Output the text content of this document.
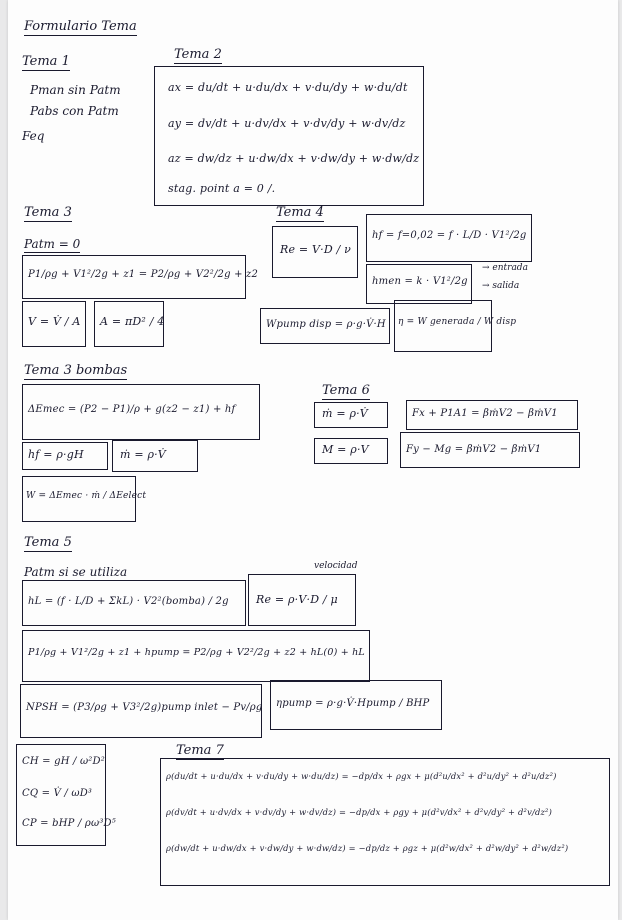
Formulario Tema
Tema 1
Pman sin Patm
Pabs con Patm
Feq
Tema 2
ax = du/dt + u·du/dx + v·du/dy + w·du/dt
ay = dv/dt + u·dv/dx + v·dv/dy + w·dv/dz
az = dw/dz + u·dw/dx + v·dw/dy + w·dw/dz
stag. point a = 0 /.
Tema 3
Patm = 0
P1/ρg + V1²/2g + z1 = P2/ρg + V2²/2g + z2
V = V̇ / A A = πD² / 4
Tema 4
Re = V·D / ν
hf = f=0,02 = f · L/D · V1²/2g
hmen = k · V1²/2g
→ entrada
→ salida
Wpump disp = ρ·g·V̇·H η = W generada / W disp
Tema 3 bombas
ΔEmec = (P2 − P1)/ρ + g(z2 − z1) + hf
hf = ρ·gH	ṁ = ρ·V̇
W = ΔEmec · ṁ / ΔEelect
Tema 6
ṁ = ρ·V̇
M = ρ·V
Fx + P1A1 = βṁV2 − βṁV1
Fy − Mg = βṁV2 − βṁV1
Tema 5
Patm si se utiliza
hL = (f · L/D + ΣkL) · V2²(bomba) / 2g
velocidad
Re = ρ·V·D / μ
P1/ρg + V1²/2g + z1 + hpump = P2/ρg + V2²/2g + z2 + hL(0) + hL
NPSH = (P3/ρg + V3²/2g)pump inlet − Pv/ρg ηpump = ρ·g·V̇·Hpump / BHP
CH = gH / ω²D²
CQ = V̇ / ωD³
CP = bHP / ρω³D⁵
Tema 7
ρ(du/dt + u·du/dx + v·du/dy + w·du/dz) = −dp/dx + ρgx + μ(d²u/dx² + d²u/dy² + d²u/dz²)
ρ(dv/dt + u·dv/dx + v·dv/dy + w·dv/dz) = −dp/dx + ρgy + μ(d²v/dx² + d²v/dy² + d²v/dz²)
ρ(dw/dt + u·dw/dx + v·dw/dy + w·dw/dz) = −dp/dz + ρgz + μ(d²w/dx² + d²w/dy² + d²w/dz²)
